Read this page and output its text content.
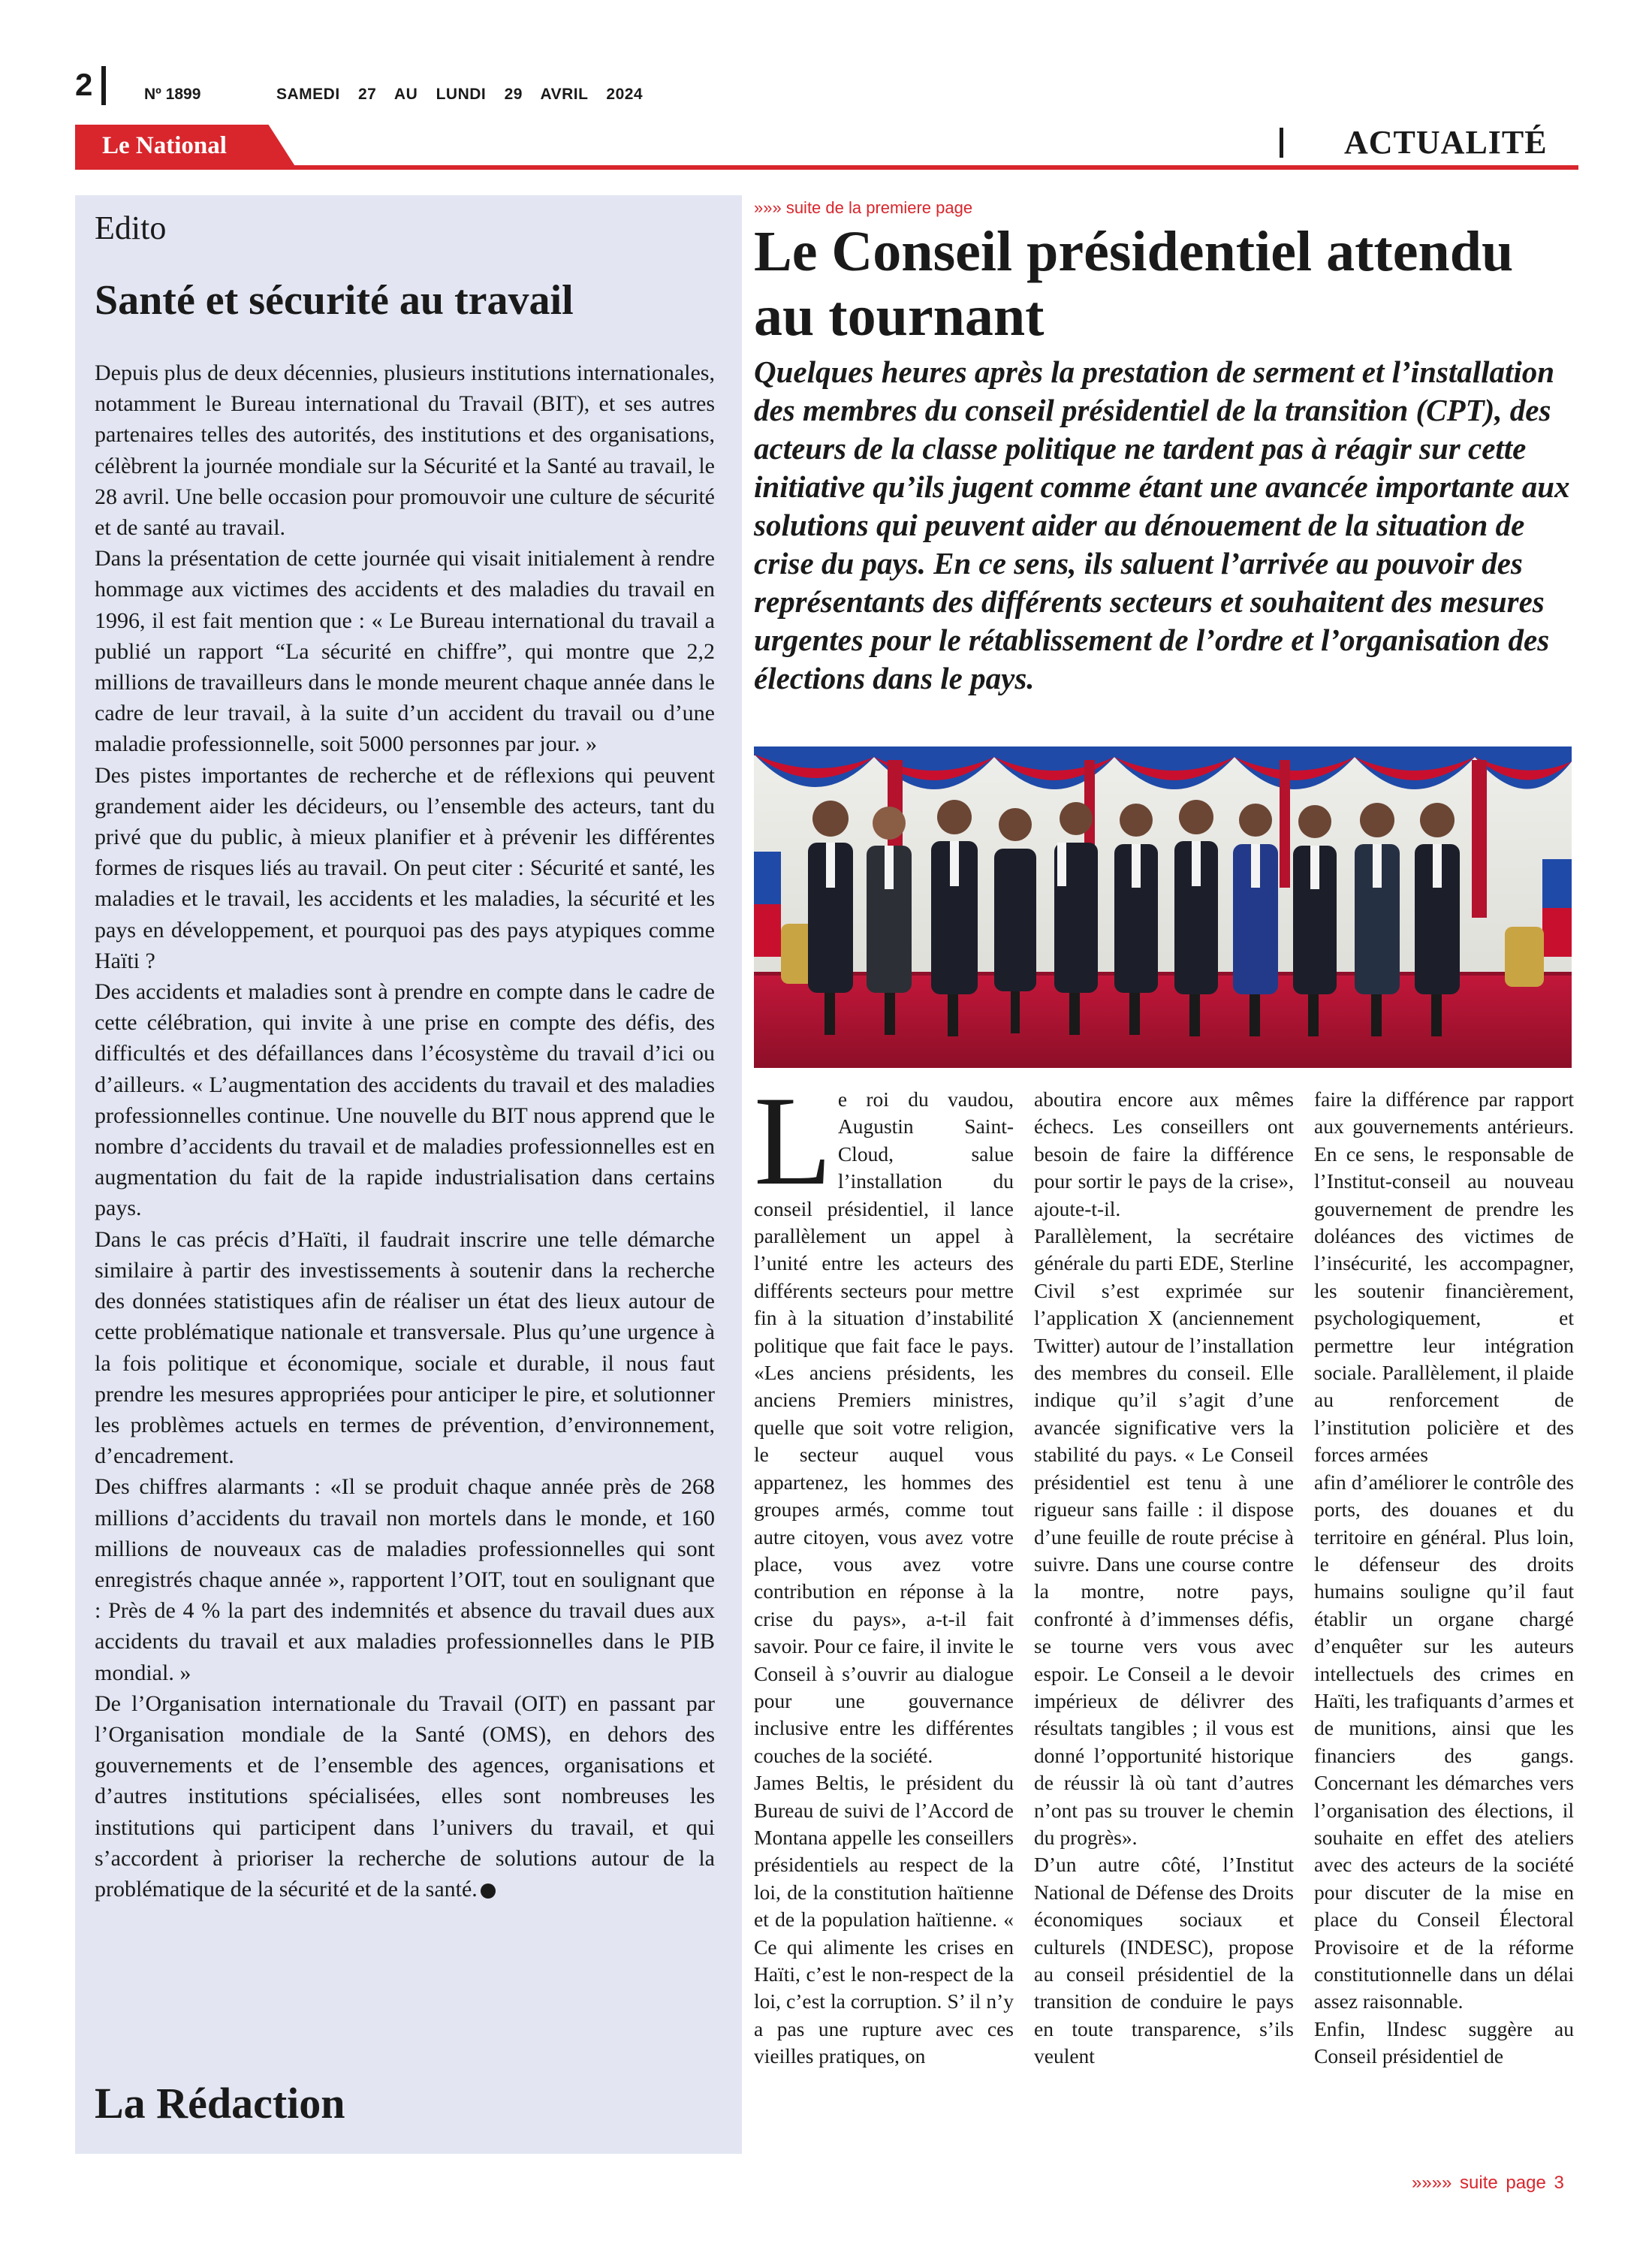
2	Nº 1899	SAMEDI 27 AU LUNDI 29 AVRIL 2024
Le National	ACTUALITÉ
Edito
Santé et sécurité au travail

Depuis plus de deux décennies, plusieurs institutions internationales, notamment le Bureau international du Travail (BIT), et ses autres partenaires telles des autorités, des institutions et des organisations, célèbrent la journée mondiale sur la Sécurité et la Santé au travail, le 28 avril. Une belle occasion pour promouvoir une culture de sécurité et de santé au travail.

Dans la présentation de cette journée qui visait initialement à rendre hommage aux victimes des accidents et des maladies du travail en 1996, il est fait mention que : « Le Bureau international du travail a publié un rapport “La sécurité en chiffre”, qui montre que 2,2 millions de travailleurs dans le monde meurent chaque année dans le cadre de leur travail, à la suite d’un accident du travail ou d’une maladie professionnelle, soit 5000 personnes par jour. »

Des pistes importantes de recherche et de réflexions qui peuvent grandement aider les décideurs, ou l’ensemble des acteurs, tant du privé que du public, à mieux planifier et à prévenir les différentes formes de risques liés au travail. On peut citer : Sécurité et santé, les maladies et le travail, les accidents et les maladies, la sécurité et les pays en développement, et pourquoi pas des pays atypiques comme Haïti ?

Des accidents et maladies sont à prendre en compte dans le cadre de cette célébration, qui invite à une prise en compte des défis, des difficultés et des défaillances dans l’écosystème du travail d’ici ou d’ailleurs. « L’augmentation des accidents du travail et des maladies professionnelles continue. Une nouvelle du BIT nous apprend que le nombre d’accidents du travail et de maladies professionnelles est en augmentation du fait de la rapide industrialisation dans certains pays.

Dans le cas précis d’Haïti, il faudrait inscrire une telle démarche similaire à partir des investissements à soutenir dans la recherche des données statistiques afin de réaliser un état des lieux autour de cette problématique nationale et transversale. Plus qu’une urgence à la fois politique et économique, sociale et durable, il nous faut prendre les mesures appropriées pour anticiper le pire, et solutionner les problèmes actuels en termes de prévention, d’environnement, d’encadrement.

Des chiffres alarmants : «Il se produit chaque année près de 268 millions d’accidents du travail non mortels dans le monde, et 160 millions de nouveaux cas de maladies professionnelles qui sont enregistrés chaque année », rapportent l’OIT, tout en soulignant que : Près de 4 % la part des indemnités et absence du travail dues aux accidents du travail et aux maladies professionnelles dans le PIB mondial. »

De l’Organisation internationale du Travail (OIT) en passant par l’Organisation mondiale de la Santé (OMS), en dehors des gouvernements et de l’ensemble des agences, organisations et d’autres institutions spécialisées, elles sont nombreuses les institutions qui participent dans l’univers du travail, et qui s’accordent à prioriser la recherche de solutions autour de la problématique de la sécurité et de la santé.

La Rédaction
»»» suite de la premiere page
Le Conseil présidentiel attendu au tournant
Quelques heures après la prestation de serment et l’installation des membres du conseil présidentiel de la transition (CPT), des acteurs de la classe politique ne tardent pas à réagir sur cette initiative qu’ils jugent comme étant une avancée importante aux solutions qui peuvent aider au dénouement de la situation de crise du pays. En ce sens, ils saluent l’arrivée au pouvoir des représentants des différents secteurs et souhaitent des mesures urgentes pour le rétablissement de l’ordre et l’organisation des élections dans le pays.
L e roi du vaudou, Augustin Saint-Cloud, salue l’installation du conseil présidentiel, il lance parallèlement un appel à l’unité entre les acteurs des différents secteurs pour mettre fin à la situation d’instabilité politique que fait face le pays. «Les anciens présidents, les anciens Premiers ministres, quelle que soit votre religion, le secteur auquel vous appartenez, les hommes des groupes armés, comme tout autre citoyen, vous avez votre place, vous avez votre contribution en réponse à la crise du pays», a-t-il fait savoir. Pour ce faire, il invite le Conseil à s’ouvrir au dialogue pour une gouvernance inclusive entre les différentes couches de la société.

James Beltis, le président du Bureau de suivi de l’Accord de Montana appelle les conseillers présidentiels au respect de la loi, de la constitution haïtienne et de la population haïtienne. « Ce qui alimente les crises en Haïti, c’est le non-respect de la loi, c’est la corruption. S’ il n’y a pas une rupture avec ces vieilles pratiques, on

aboutira encore aux mêmes échecs. Les conseillers ont besoin de faire la différence pour sortir le pays de la crise», ajoute-t-il.

Parallèlement, la secrétaire générale du parti EDE, Sterline Civil s’est exprimée sur l’application X (anciennement Twitter) autour de l’installation des membres du conseil. Elle indique qu’il s’agit d’une avancée significative vers la stabilité du pays. « Le Conseil présidentiel est tenu à une rigueur sans faille : il dispose d’une feuille de route précise à suivre. Dans une course contre la montre, notre pays, confronté à d’immenses défis, se tourne vers vous avec espoir. Le Conseil a le devoir impérieux de délivrer des résultats tangibles ; il vous est donné l’opportunité historique de réussir là où tant d’autres n’ont pas su trouver le chemin du progrès».

D’un autre côté, l’Institut National de Défense des Droits économiques sociaux et culturels (INDESC), propose au conseil présidentiel de la transition de conduire le pays en toute transparence, s’ils veulent

faire la différence par rapport aux gouvernements antérieurs. En ce sens, le responsable de l’Institut-conseil au nouveau gouvernement de prendre les doléances des victimes de l’insécurité, les accompagner, les soutenir financièrement, psychologiquement, et permettre leur intégration sociale. Parallèlement, il plaide au renforcement de l’institution policière et des forces armées

afin d’améliorer le contrôle des ports, des douanes et du territoire en général. Plus loin, le défenseur des droits humains souligne qu’il faut établir un organe chargé d’enquêter sur les auteurs intellectuels des crimes en Haïti, les trafiquants d’armes et de munitions, ainsi que les financiers des gangs. Concernant les démarches vers l’organisation des élections, il souhaite en effet des ateliers avec des acteurs de la société pour discuter de la mise en place du Conseil Électoral Provisoire et de la réforme constitutionnelle dans un délai assez raisonnable.

Enfin, lIndesc suggère au Conseil présidentiel de

»»»» suite page 3
